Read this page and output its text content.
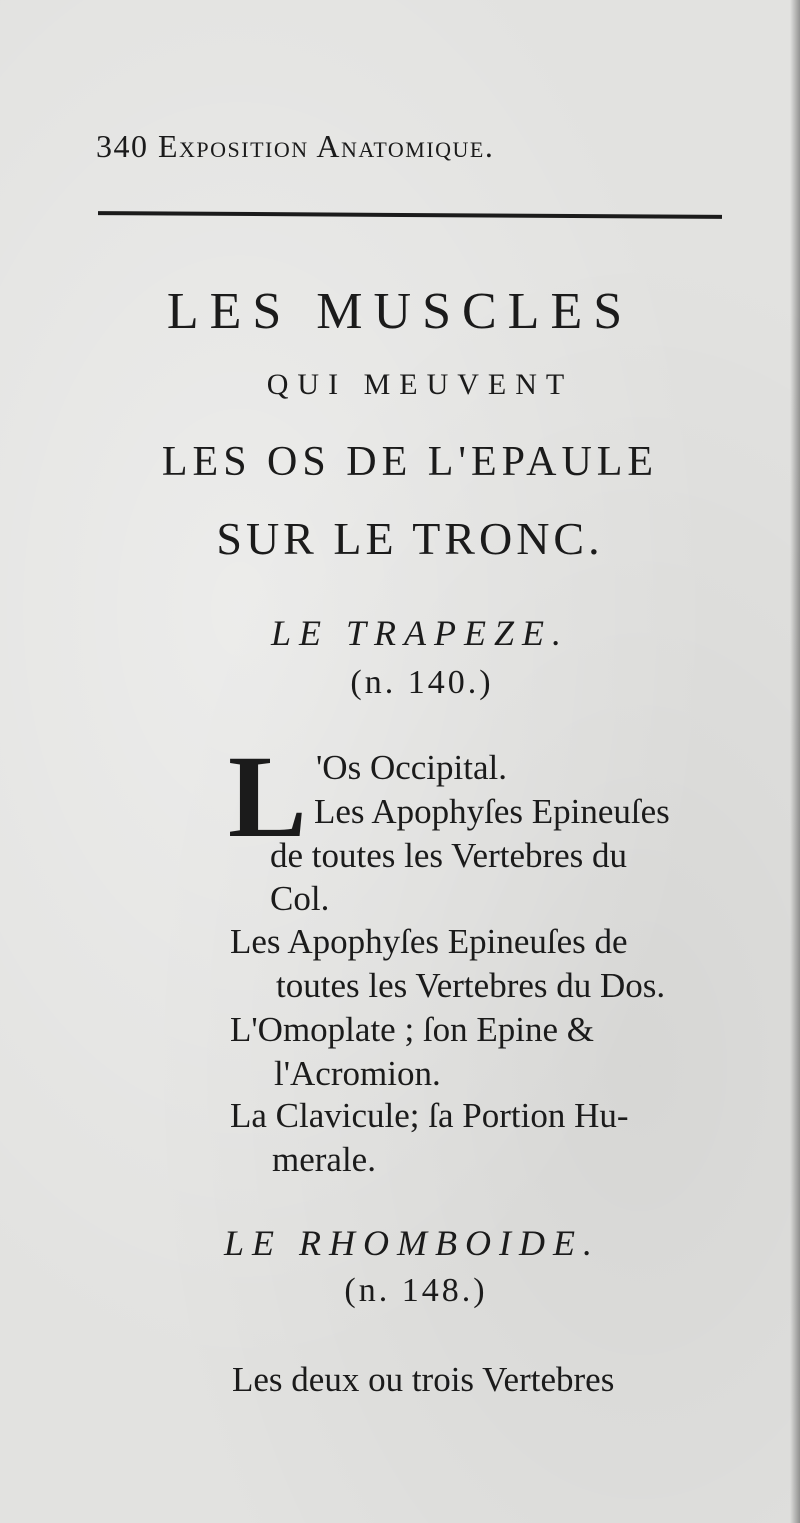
340 Exposition Anatomique.
LES MUSCLES
QUI MEUVENT
LES OS DE L'EPAULE
SUR LE TRONC.
LE TRAPEZE.
(n. 140.)
L 'Os Occipital.
Les Apophyſes Epineuſes
de toutes les Vertebres du
Col.
Les Apophyſes Epineuſes de
toutes les Vertebres du Dos.
L'Omoplate ; ſon Epine &
l'Acromion.
La Clavicule; ſa Portion Hu-
merale.
LE RHOMBOIDE.
(n. 148.)
Les deux ou trois Vertebres
